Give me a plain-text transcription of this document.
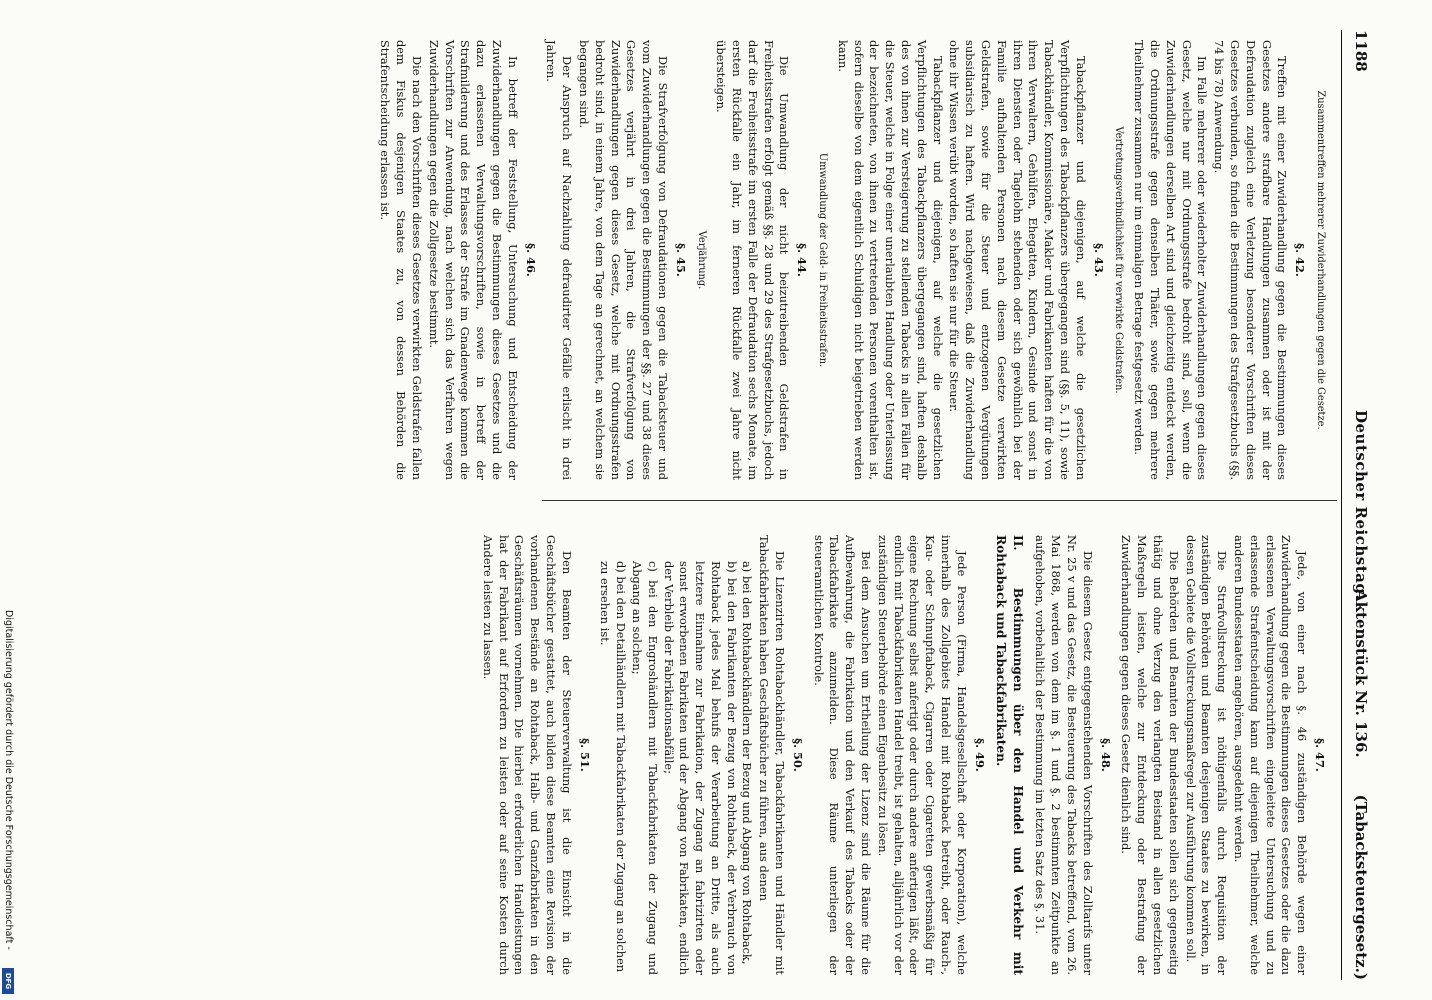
1188
Deutscher Reichstag.
Aktenstück Nr. 136.
(Tabacksteuergesetz.)

Zusammentreffen mehrerer Zuwiderhandlungen gegen die Gesetze.

§. 42.

Treffen mit einer Zuwiderhandlung gegen die Bestimmungen dieses Gesetzes andere strafbare Handlungen zusammen oder ist mit der Defraudation zugleich eine Verletzung besonderer Vorschriften dieses Gesetzes verbunden, so finden die Bestimmungen des Strafgesetzbuchs (§§. 74 bis 78) Anwendung.

Im Falle mehrerer oder wiederholter Zuwiderhandlungen gegen dieses Gesetz, welche nur mit Ordnungsstrafe bedroht sind, soll, wenn die Zuwiderhandlungen derselben Art sind und gleichzeitig entdeckt werden, die Ordnungsstrafe gegen denselben Thäter, sowie gegen mehrere Theilnehmer zusammen nur im einmaligen Betrage festgesetzt werden.

Vertretungsverbindlichkeit für verwirkte Geldstrafen.

§. 43.

Tabackpflanzer und diejenigen, auf welche die gesetzlichen Verpflichtungen des Tabackpflanzers übergegangen sind (§§. 5, 11), sowie Tabackhändler, Kommissionäre, Makler und Fabrikanten haften für die von ihren Verwaltern, Gehülfen, Ehegatten, Kindern, Gesinde und sonst in ihren Diensten oder Tagelohn stehenden oder sich gewöhnlich bei der Familie aufhaltenden Personen nach diesem Gesetze verwirkten Geldstrafen, sowie für die Steuer und entzogenen Vergütungen subsidiarisch zu haften. Wird nachgewiesen, daß die Zuwiderhandlung ohne ihr Wissen verübt worden, so haften sie nur für die Steuer.

Tabackpflanzer und diejenigen, auf welche die gesetzlichen Verpflichtungen des Tabackpflanzers übergegangen sind, haften deshalb des von ihnen zur Versteigerung zu stellenden Tabacks in allen Fällen für die Steuer, welche in Folge einer unerlaubten Handlung oder Unterlassung der bezeichneten, von ihnen zu vertretenden Personen vorenthalten ist, sofern dieselbe von dem eigentlich Schuldigen nicht beigetrieben werden kann.

Umwandlung der Geld- in Freiheitsstrafen.

§. 44.

Die Umwandlung der nicht beizutreibenden Geldstrafen in Freiheitsstrafen erfolgt gemäß §§. 28 und 29 des Strafgesetzbuchs, jedoch darf die Freiheitsstrafe im ersten Falle der Defraudation sechs Monate, im ersten Rückfalle ein Jahr, im ferneren Rückfalle zwei Jahre nicht übersteigen.

Verjährung.

§. 45.

Die Strafverfolgung von Defraudationen gegen die Tabacksteuer und vom Zuwiderhandlungen gegen die Bestimmungen der §§. 27 und 38 dieses Gesetzes verjährt in drei Jahren, die Strafverfolgung von Zuwiderhandlungen gegen dieses Gesetz, welche mit Ordnungsstrafen bedroht sind, in einem Jahre, von dem Tage an gerechnet, an welchem sie begangen sind.

Der Anspruch auf Nachzahlung defraudirter Gefälle erlischt in drei Jahren.

§. 46.

In betreff der Feststellung, Untersuchung und Entscheidung der Zuwiderhandlungen gegen die Bestimmungen dieses Gesetzes und die dazu erlassenen Verwaltungsvorschriften, sowie in betreff der Strafmilderung und des Erlasses der Strafe im Gnadenwege kommen die Vorschriften zur Anwendung, nach welchen sich das Verfahren wegen Zuwiderhandlungen gegen die Zollgesetze bestimmt.

Die nach den Vorschriften dieses Gesetzes verwirkten Geldstrafen fallen dem Fiskus desjenigen Staates zu, von dessen Behörden die Strafentscheidung erlassen ist.

§. 47.

Jede, von einer nach §. 46 zuständigen Behörde wegen einer Zuwiderhandlung gegen die Bestimmungen dieses Gesetzes oder die dazu erlassenen Verwaltungsvorschriften eingeleitete Untersuchung und zu erlassende Strafentscheidung kann auf diejenigen Theilnehmer, welche anderen Bundesstaaten angehören, ausgedehnt werden.

Die Strafvollstreckung ist nöthigenfalls durch Requisition der zuständigen Behörden und Beamten desjenigen Staates zu bewirken, in dessen Gebiete die Vollstreckungsmaßregel zur Ausführung kommen soll.

Die Behörden und Beamten der Bundesstaaten sollen sich gegenseitig thätig und ohne Verzug den verlangten Beistand in allen gesetzlichen Maßregeln leisten, welche zur Entdeckung oder Bestrafung der Zuwiderhandlungen gegen dieses Gesetz dienlich sind.

§. 48.

Die diesem Gesetz entgegenstehenden Vorschriften des Zolltarifs unter Nr. 25 v und das Gesetz, die Besteuerung des Tabacks betreffend, vom 26. Mai 1868, werden von dem im §. 1 und §. 2 bestimmten Zeitpunkte an aufgehoben, vorbehaltlich der Bestimmung im letzten Satz des §. 31.

II.   Bestimmungen über den Handel und Verkehr mit Rohtaback und Tabackfabrikaten.

§. 49.

Jede Person (Firma, Handelsgesellschaft oder Korporation), welche innerhalb des Zollgebiets Handel mit Rohtaback betreibt, oder Rauch-, Kau- oder Schnupftaback, Cigarren oder Cigaretten gewerbsmäßig für eigene Rechnung selbst anfertigt oder durch andere anfertigen läßt, oder endlich mit Tabackfabrikaten Handel treibt, ist gehalten, alljährlich vor der zuständigen Steuerbehörde einen Eigenbesitz zu lösen.

Bei dem Ansuchen um Ertheilung der Lizenz sind die Räume für die Aufbewahrung, die Fabrikation und den Verkauf des Tabacks oder der Tabackfabrikate anzumelden. Diese Räume unterliegen der steueramtlichen Kontrole.

§. 50.

Die Lizenzirten Rohtabackhändler, Tabackfabrikanten und Händler mit Tabackfabrikaten haben Geschäftsbücher zu führen, aus denen

a) bei den Rohtabackhändlern der Bezug und Abgang von Rohtaback,

b) bei den Fabrikanten der Bezug von Rohtaback, der Verbrauch von Rohtaback jedes Mal behufs der Verarbeitung an Dritte, als auch letztere Einnahme zur Fabrikation, der Zugang an fabrizirten oder sonst erworbenen Fabrikaten und der Abgang von Fabrikaten, endlich der Verbleib der Fabrikationsabfälle;

c) bei den Engroshändlern mit Tabackfabrikaten der Zugang und Abgang an solchen;

d) bei den Detailhändlern mit Tabackfabrikaten der Zugang an solchen

zu ersehen ist.

§. 51.

Den Beamten der Steuerverwaltung ist die Einsicht in die Geschäftsbücher gestattet, auch bilden diese Beamten eine Revision der vorhandenen Bestände an Rohtaback, Halb- und Ganzfabrikaten in den Geschäftsräumen vornehmen. Die hierbei erforderlichen Handleistungen hat der Fabrikant auf Erfordern zu leisten oder auf seine Kosten durch Andere leisten zu lassen.

Digitalisierung gefördert durch die Deutsche Forschungsgemeinschaft -
DFG
